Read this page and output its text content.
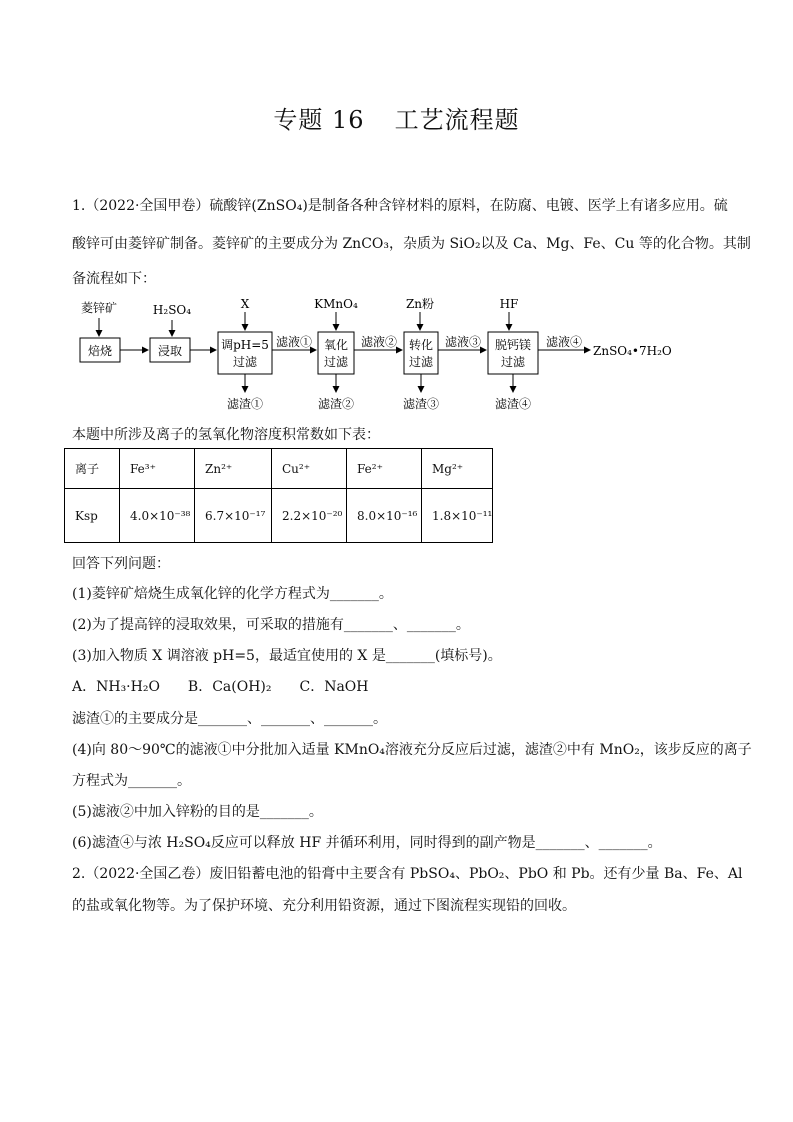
专题 16 工艺流程题
1.（2022·全国甲卷）硫酸锌(ZnSO₄)是制备各种含锌材料的原料，在防腐、电镀、医学上有诸多应用。硫
酸锌可由菱锌矿制备。菱锌矿的主要成分为 ZnCO₃，杂质为 SiO₂以及 Ca、Mg、Fe、Cu 等的化合物。其制
备流程如下：
菱锌矿	H₂SO₄	X	KMnO₄	Zn粉	HF
焙烧	浸取	调pH=5
过滤
氧化
过滤
转化
过滤
脱钙镁
过滤
滤液①	滤液②	滤液③	滤液④
ZnSO₄•7H₂O
滤渣①	滤渣②	滤渣③	滤渣④
本题中所涉及离子的氢氧化物溶度积常数如下表：
离子	Fe³⁺	Zn²⁺	Cu²⁺	Fe²⁺	Mg²⁺
Ksp	4.0×10⁻³⁸	6.7×10⁻¹⁷	2.2×10⁻²⁰	8.0×10⁻¹⁶	1.8×10⁻¹¹
回答下列问题：
(1)菱锌矿焙烧生成氧化锌的化学方程式为_______。
(2)为了提高锌的浸取效果，可采取的措施有_______、_______。
(3)加入物质 X 调溶液 pH=5，最适宜使用的 X 是_______(填标号)。
A．NH₃·H₂O　　B．Ca(OH)₂　　C．NaOH
滤渣①的主要成分是_______、_______、_______。
(4)向 80～90℃的滤液①中分批加入适量 KMnO₄溶液充分反应后过滤，滤渣②中有 MnO₂，该步反应的离子
方程式为_______。
(5)滤液②中加入锌粉的目的是_______。
(6)滤渣④与浓 H₂SO₄反应可以释放 HF 并循环利用，同时得到的副产物是_______、_______。
2.（2022·全国乙卷）废旧铅蓄电池的铅膏中主要含有 PbSO₄、PbO₂、PbO 和 Pb。还有少量 Ba、Fe、Al
的盐或氧化物等。为了保护环境、充分利用铅资源，通过下图流程实现铅的回收。
